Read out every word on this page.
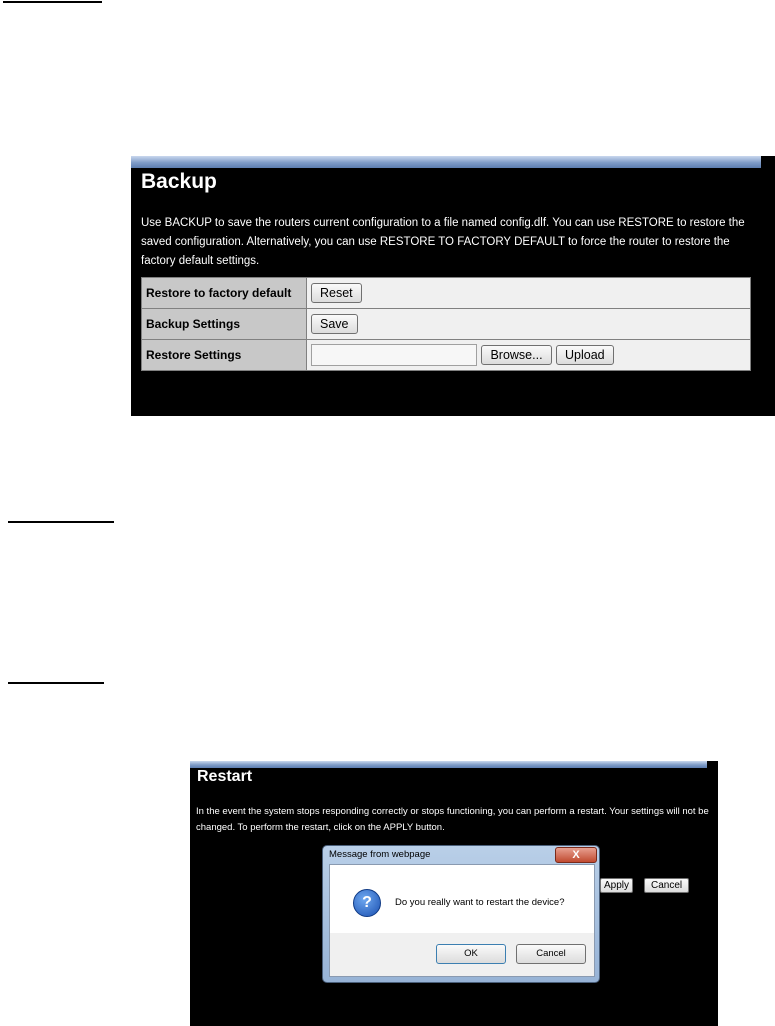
Backup
Use BACKUP to save the routers current configuration to a file named config.dlf. You can use RESTORE to restore the saved configuration. Alternatively, you can use RESTORE TO FACTORY DEFAULT to force the router to restore the factory default settings.
Restore to factory default	Reset
Backup Settings	Save
Restore Settings	Browse... Upload
Restart
In the event the system stops responding correctly or stops functioning, you can perform a restart. Your settings will not be changed. To perform the restart, click on the APPLY button.
Apply	Cancel
Message from webpage	X
?	Do you really want to restart the device?
OK	Cancel
